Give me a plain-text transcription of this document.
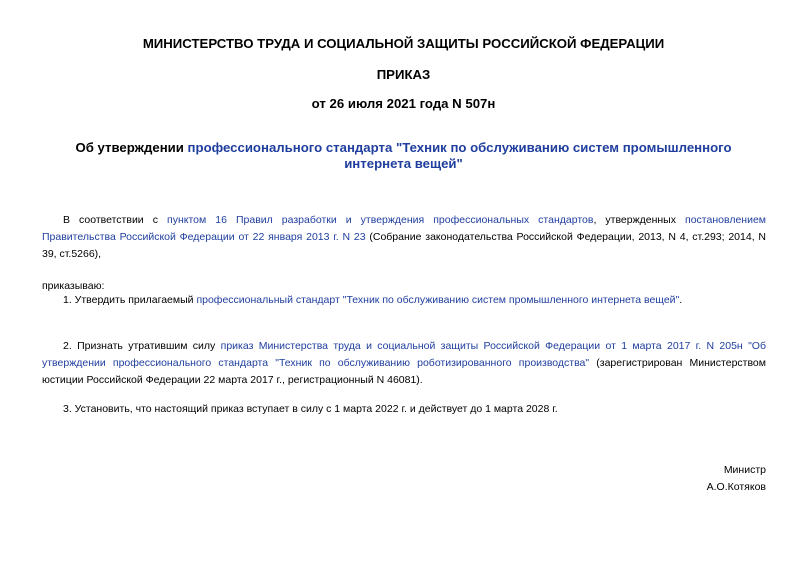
МИНИСТЕРСТВО ТРУДА И СОЦИАЛЬНОЙ ЗАЩИТЫ РОССИЙСКОЙ ФЕДЕРАЦИИ
ПРИКАЗ
от 26 июля 2021 года N 507н
Об утверждении профессионального стандарта "Техник по обслуживанию систем промышленного
интернета вещей"
В соответствии с пунктом 16 Правил разработки и утверждения профессиональных стандартов, утвержденных постановлением Правительства Российской Федерации от 22 января 2013 г. N 23 (Собрание законодательства Российской Федерации, 2013, N 4, ст.293; 2014, N 39, ст.5266),
приказываю:
1. Утвердить прилагаемый профессиональный стандарт "Техник по обслуживанию систем промышленного интернета вещей".
2. Признать утратившим силу приказ Министерства труда и социальной защиты Российской Федерации от 1 марта 2017 г. N 205н "Об утверждении профессионального стандарта "Техник по обслуживанию роботизированного производства" (зарегистрирован Министерством юстиции Российской Федерации 22 марта 2017 г., регистрационный N 46081).
3. Установить, что настоящий приказ вступает в силу с 1 марта 2022 г. и действует до 1 марта 2028 г.
Министр
А.О.Котяков
